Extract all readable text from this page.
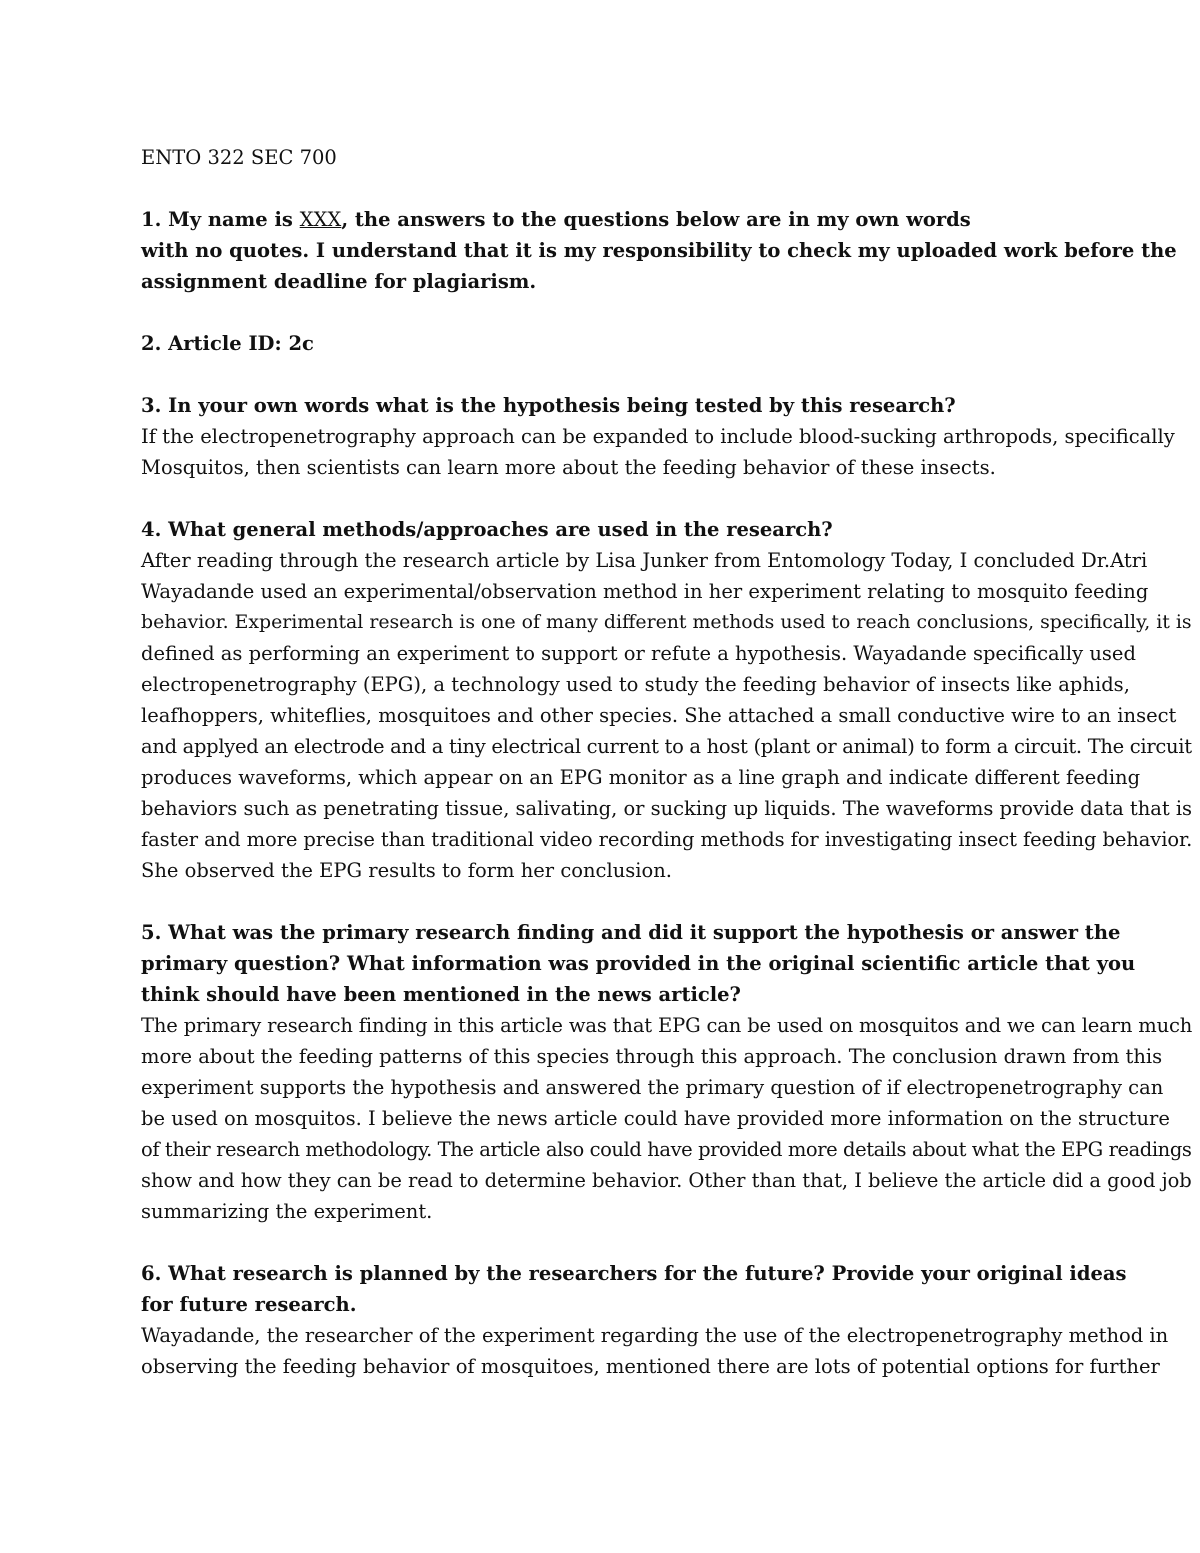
ENTO 322 SEC 700
1. My name is XXX, the answers to the questions below are in my own words
with no quotes. I understand that it is my responsibility to check my uploaded work before the
assignment deadline for plagiarism.
2. Article ID: 2c
3. In your own words what is the hypothesis being tested by this research?
If the electropenetrography approach can be expanded to include blood-sucking arthropods, specifically
Mosquitos, then scientists can learn more about the feeding behavior of these insects.
4. What general methods/approaches are used in the research?
After reading through the research article by Lisa Junker from Entomology Today, I concluded Dr.Atri
Wayadande used an experimental/observation method in her experiment relating to mosquito feeding
behavior. Experimental research is one of many different methods used to reach conclusions, specifically, it is
defined as performing an experiment to support or refute a hypothesis. Wayadande specifically used
electropenetrography (EPG), a technology used to study the feeding behavior of insects like aphids,
leafhoppers, whiteflies, mosquitoes and other species. She attached a small conductive wire to an insect
and applyed an electrode and a tiny electrical current to a host (plant or animal) to form a circuit. The circuit
produces waveforms, which appear on an EPG monitor as a line graph and indicate different feeding
behaviors such as penetrating tissue, salivating, or sucking up liquids. The waveforms provide data that is
faster and more precise than traditional video recording methods for investigating insect feeding behavior.
She observed the EPG results to form her conclusion.
5. What was the primary research finding and did it support the hypothesis or answer the
primary question? What information was provided in the original scientific article that you
think should have been mentioned in the news article?
The primary research finding in this article was that EPG can be used on mosquitos and we can learn much
more about the feeding patterns of this species through this approach. The conclusion drawn from this
experiment supports the hypothesis and answered the primary question of if electropenetrography can
be used on mosquitos. I believe the news article could have provided more information on the structure
of their research methodology. The article also could have provided more details about what the EPG readings
show and how they can be read to determine behavior. Other than that, I believe the article did a good job
summarizing the experiment.
6. What research is planned by the researchers for the future? Provide your original ideas
for future research.
Wayadande, the researcher of the experiment regarding the use of the electropenetrography method in
observing the feeding behavior of mosquitoes, mentioned there are lots of potential options for further
